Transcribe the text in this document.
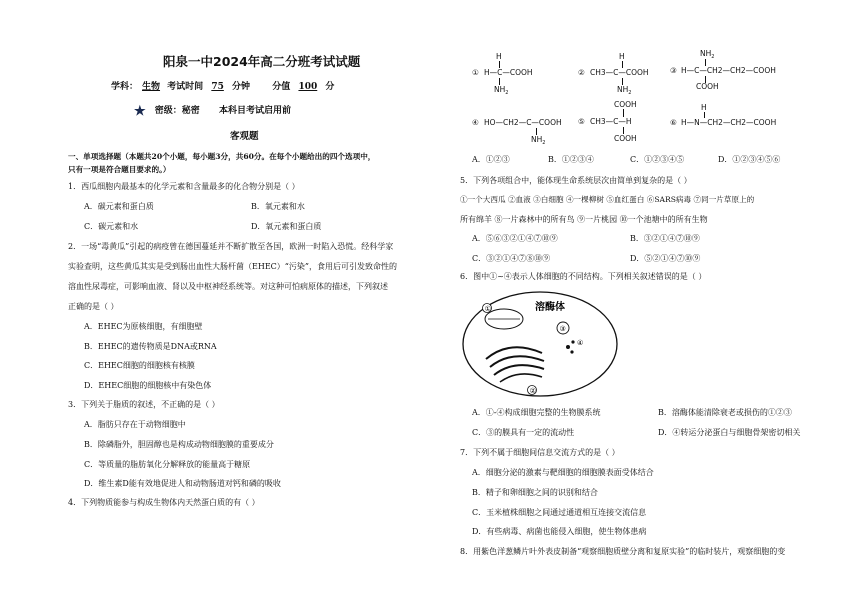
阳泉一中2024年高二分班考试试题
学科： 生物 考试时间 75 分钟 分值 100 分
★ 密级：秘密 本科目考试启用前
客观题
一、单项选择题（本题共20个小题，每小题3分，共60分。在每个小题给出的四个选项中，
只有一项是符合题目要求的。）
1．西瓜细胞内最基本的化学元素和含量最多的化合物分别是（ ）
A．碳元素和蛋白质	B．氧元素和水
C．碳元素和水	D．氧元素和蛋白质
2．一场“毒黄瓜”引起的病疫曾在德国蔓延并不断扩散至各国，欧洲一时陷入恐慌。经科学家
实验查明，这些黄瓜其实是受到肠出血性大肠杆菌（EHEC）“污染”，食用后可引发致命性的
溶血性尿毒症，可影响血液、肾以及中枢神经系统等。对这种可怕病原体的描述，下列叙述
正确的是（ ）
A．EHEC为原核细胞，有细胞壁
B．EHEC的遗传物质是DNA或RNA
C．EHEC细胞的细胞核有核膜
D．EHEC细胞的细胞核中有染色体
3．下列关于脂质的叙述，不正确的是（ ）
A．脂肪只存在于动物细胞中
B．除磷脂外，胆固醇也是构成动物细胞膜的重要成分
C．等质量的脂肪氧化分解释放的能量高于糖原
D．维生素D能有效地促进人和动物肠道对钙和磷的吸收
4．下列物质能参与构成生物体内天然蛋白质的有（ ）
H
① H—C—COOH
$NH_2$
H
② CH3—C—COOH
$NH_2$
$NH_2$
③ H—C—CH2—CH2—COOH
COOH
④ HO—CH2—C—COOH
$NH_2$
COOH
⑤ CH3—C—H
COOH
H
⑥ H—N—CH2—CH2—COOH
A．①②③	B．①②③④	C．①②③④⑤	D．①②③④⑤⑥
5．下列各项组合中，能体现生命系统层次由简单到复杂的是（ ）
①一个大西瓜 ②血液 ③白细胞 ④一棵柳树 ⑤血红蛋白 ⑥SARS病毒 ⑦同一片草原上的
所有绵羊 ⑧一片森林中的所有鸟 ⑨一片桃园 ⑩一个池塘中的所有生物
A．⑤⑥③②①④⑦⑩⑨	B．③②①④⑦⑩⑨
C．③②①④⑦⑧⑩⑨	D．⑤②①④⑦⑩⑨
6．图中①~④表示人体细胞的不同结构。下列相关叙述错误的是（ ）
①	溶酶体
③
④
②
A．①-④构成细胞完整的生物膜系统	B．溶酶体能清除衰老或损伤的①②③
C．③的膜具有一定的流动性	D．④转运分泌蛋白与细胞骨架密切相关
7．下列不属于细胞间信息交流方式的是（ ）
A．细胞分泌的激素与靶细胞的细胞膜表面受体结合
B．精子和卵细胞之间的识别和结合
C．玉米植株细胞之间通过通道相互连接交流信息
D．有些病毒、病菌也能侵入细胞，使生物体患病
8．用紫色洋葱鳞片叶外表皮制备“观察细胞质壁分离和复原实验”的临时装片，观察细胞的变
